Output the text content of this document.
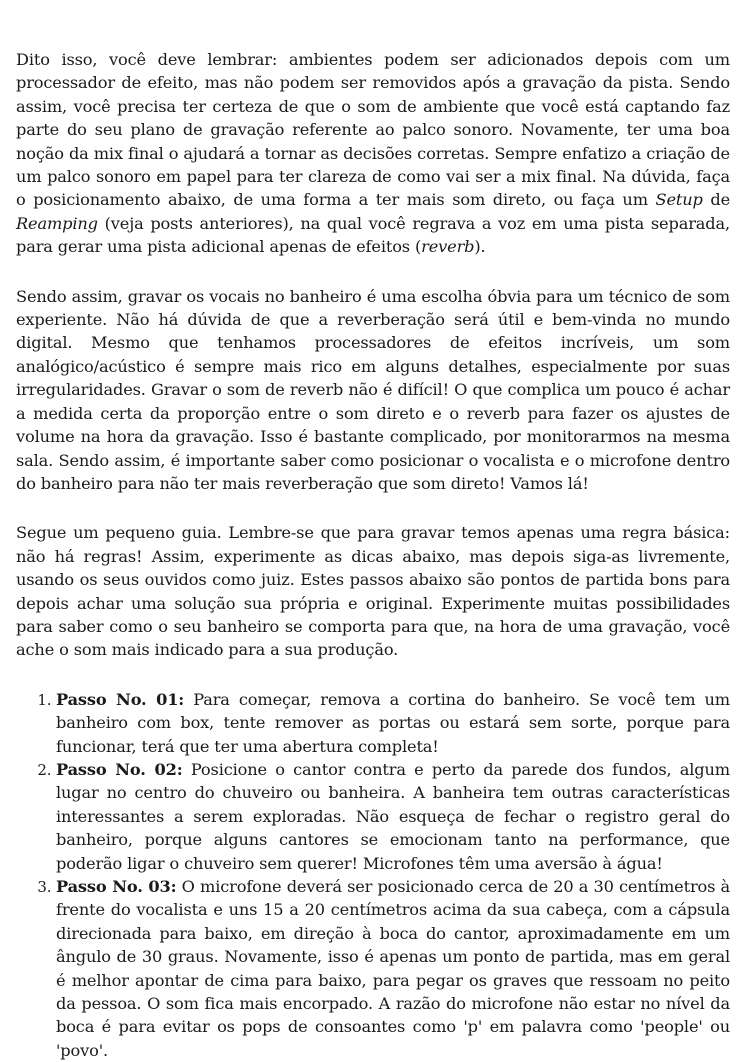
Dito isso, você deve lembrar: ambientes podem ser adicionados depois com um processador de efeito, mas não podem ser removidos após a gravação da pista. Sendo assim, você precisa ter certeza de que o som de ambiente que você está captando faz parte do seu plano de gravação referente ao palco sonoro. Novamente, ter uma boa noção da mix final o ajudará a tornar as decisões corretas. Sempre enfatizo a criação de um palco sonoro em papel para ter clareza de como vai ser a mix final. Na dúvida, faça o posicionamento abaixo, de uma forma a ter mais som direto, ou faça um Setup de Reamping (veja posts anteriores), na qual você regrava a voz em uma pista separada, para gerar uma pista adicional apenas de efeitos (reverb).

Sendo assim, gravar os vocais no banheiro é uma escolha óbvia para um técnico de som experiente. Não há dúvida de que a reverberação será útil e bem-vinda no mundo digital. Mesmo que tenhamos processadores de efeitos incríveis, um som analógico/acústico é sempre mais rico em alguns detalhes, especialmente por suas irregularidades. Gravar o som de reverb não é difícil! O que complica um pouco é achar a medida certa da proporção entre o som direto e o reverb para fazer os ajustes de volume na hora da gravação. Isso é bastante complicado, por monitorarmos na mesma sala. Sendo assim, é importante saber como posicionar o vocalista e o microfone dentro do banheiro para não ter mais reverberação que som direto! Vamos lá!

Segue um pequeno guia. Lembre-se que para gravar temos apenas uma regra básica: não há regras! Assim, experimente as dicas abaixo, mas depois siga-as livremente, usando os seus ouvidos como juiz. Estes passos abaixo são pontos de partida bons para depois achar uma solução sua própria e original. Experimente muitas possibilidades para saber como o seu banheiro se comporta para que, na hora de uma gravação, você ache o som mais indicado para a sua produção.

1. Passo No. 01: Para começar, remova a cortina do banheiro. Se você tem um banheiro com box, tente remover as portas ou estará sem sorte, porque para funcionar, terá que ter uma abertura completa!
2. Passo No. 02: Posicione o cantor contra e perto da parede dos fundos, algum lugar no centro do chuveiro ou banheira. A banheira tem outras características interessantes a serem exploradas. Não esqueça de fechar o registro geral do banheiro, porque alguns cantores se emocionam tanto na performance, que poderão ligar o chuveiro sem querer! Microfones têm uma aversão à água!
3. Passo No. 03: O microfone deverá ser posicionado cerca de 20 a 30 centímetros à frente do vocalista e uns 15 a 20 centímetros acima da sua cabeça, com a cápsula direcionada para baixo, em direção à boca do cantor, aproximadamente em um ângulo de 30 graus. Novamente, isso é apenas um ponto de partida, mas em geral é melhor apontar de cima para baixo, para pegar os graves que ressoam no peito da pessoa. O som fica mais encorpado. A razão do microfone não estar no nível da boca é para evitar os pops de consoantes como 'p' em palavra como 'people' ou 'povo'.
